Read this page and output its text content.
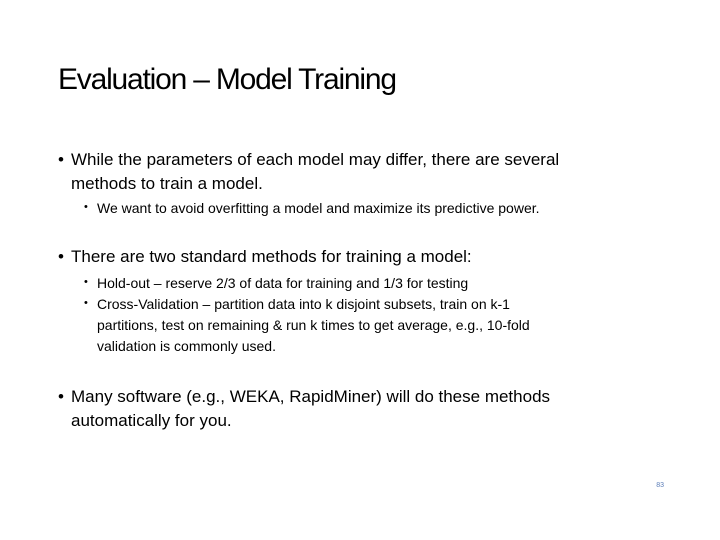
Evaluation – Model Training
• While the parameters of each model may differ, there are several
methods to train a model.
• We want to avoid overfitting a model and maximize its predictive power.
• There are two standard methods for training a model:
• Hold-out – reserve 2/3 of data for training and 1/3 for testing
• Cross-Validation – partition data into k disjoint subsets, train on k-1
partitions, test on remaining & run k times to get average, e.g., 10-fold
validation is commonly used.
• Many software (e.g., WEKA, RapidMiner) will do these methods
automatically for you.
83
